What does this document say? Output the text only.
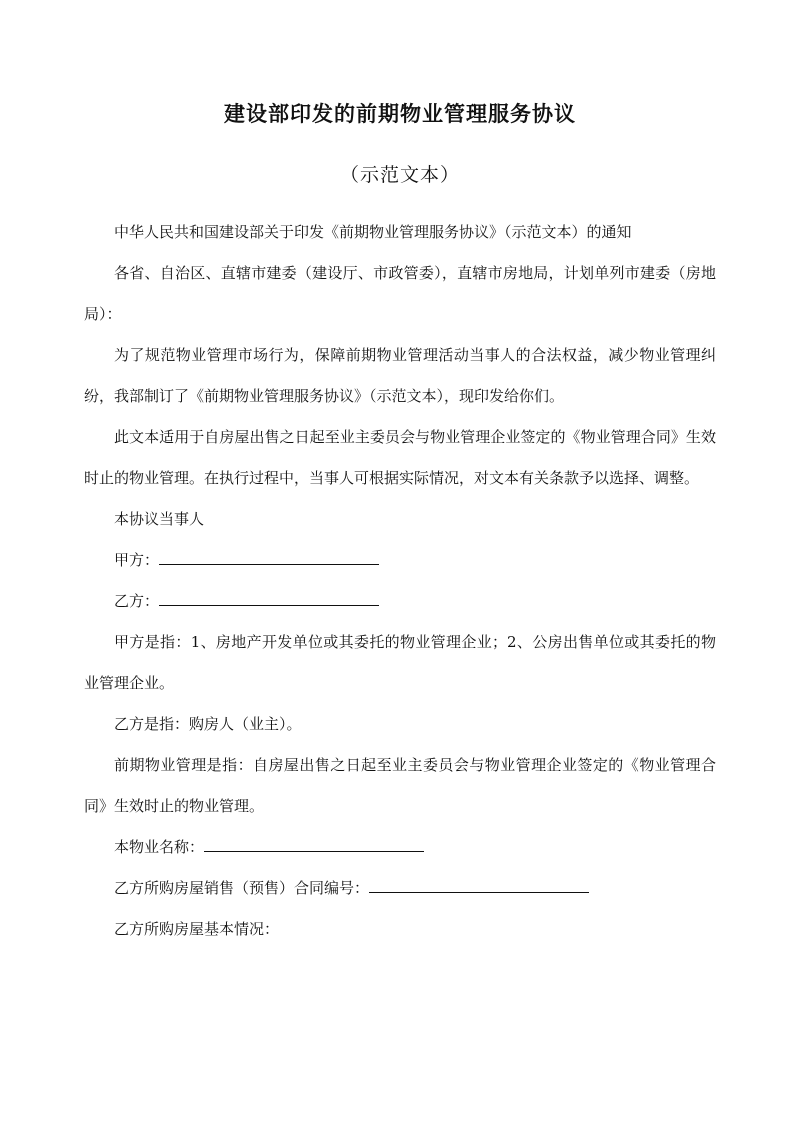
建设部印发的前期物业管理服务协议
（示范文本）

中华人民共和国建设部关于印发《前期物业管理服务协议》（示范文本）的通知

各省、自治区、直辖市建委（建设厅、市政管委），直辖市房地局，计划单列市建委（房地局）：

为了规范物业管理市场行为，保障前期物业管理活动当事人的合法权益，减少物业管理纠纷，我部制订了《前期物业管理服务协议》（示范文本），现印发给你们。

此文本适用于自房屋出售之日起至业主委员会与物业管理企业签定的《物业管理合同》生效时止的物业管理。在执行过程中，当事人可根据实际情况，对文本有关条款予以选择、调整。

本协议当事人

甲方：

乙方：

甲方是指：1、房地产开发单位或其委托的物业管理企业；2、公房出售单位或其委托的物业管理企业。

乙方是指：购房人（业主）。

前期物业管理是指：自房屋出售之日起至业主委员会与物业管理企业签定的《物业管理合同》生效时止的物业管理。

本物业名称：

乙方所购房屋销售（预售）合同编号：

乙方所购房屋基本情况：
